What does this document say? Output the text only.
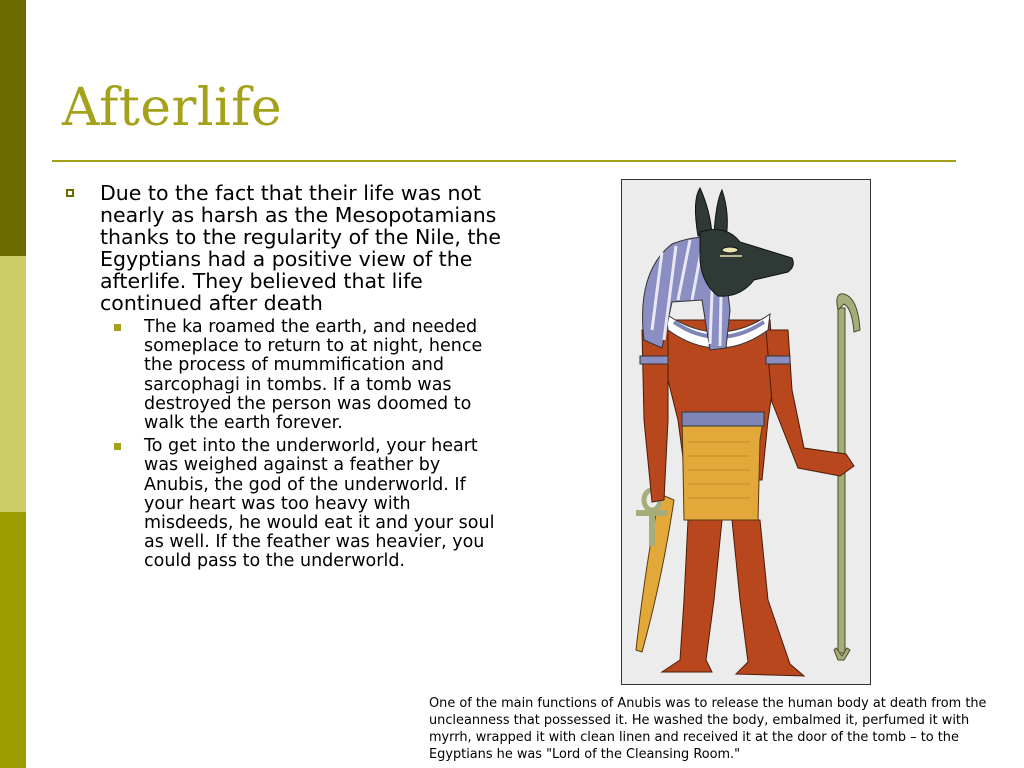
Afterlife
Due to the fact that their life was not nearly as harsh as the Mesopotamians thanks to the regularity of the Nile, the Egyptians had a positive view of the afterlife. They believed that life continued after death
The ka roamed the earth, and needed someplace to return to at night, hence the process of mummification and sarcophagi in tombs. If a tomb was destroyed the person was doomed to walk the earth forever.
To get into the underworld, your heart was weighed against a feather by Anubis, the god of the underworld. If your heart was too heavy with misdeeds, he would eat it and your soul as well. If the feather was heavier, you could pass to the underworld.

One of the main functions of Anubis was to release the human body at death from the uncleanness that possessed it. He washed the body, embalmed it, perfumed it with myrrh, wrapped it with clean linen and received it at the door of the tomb – to the Egyptians he was "Lord of the Cleansing Room."
